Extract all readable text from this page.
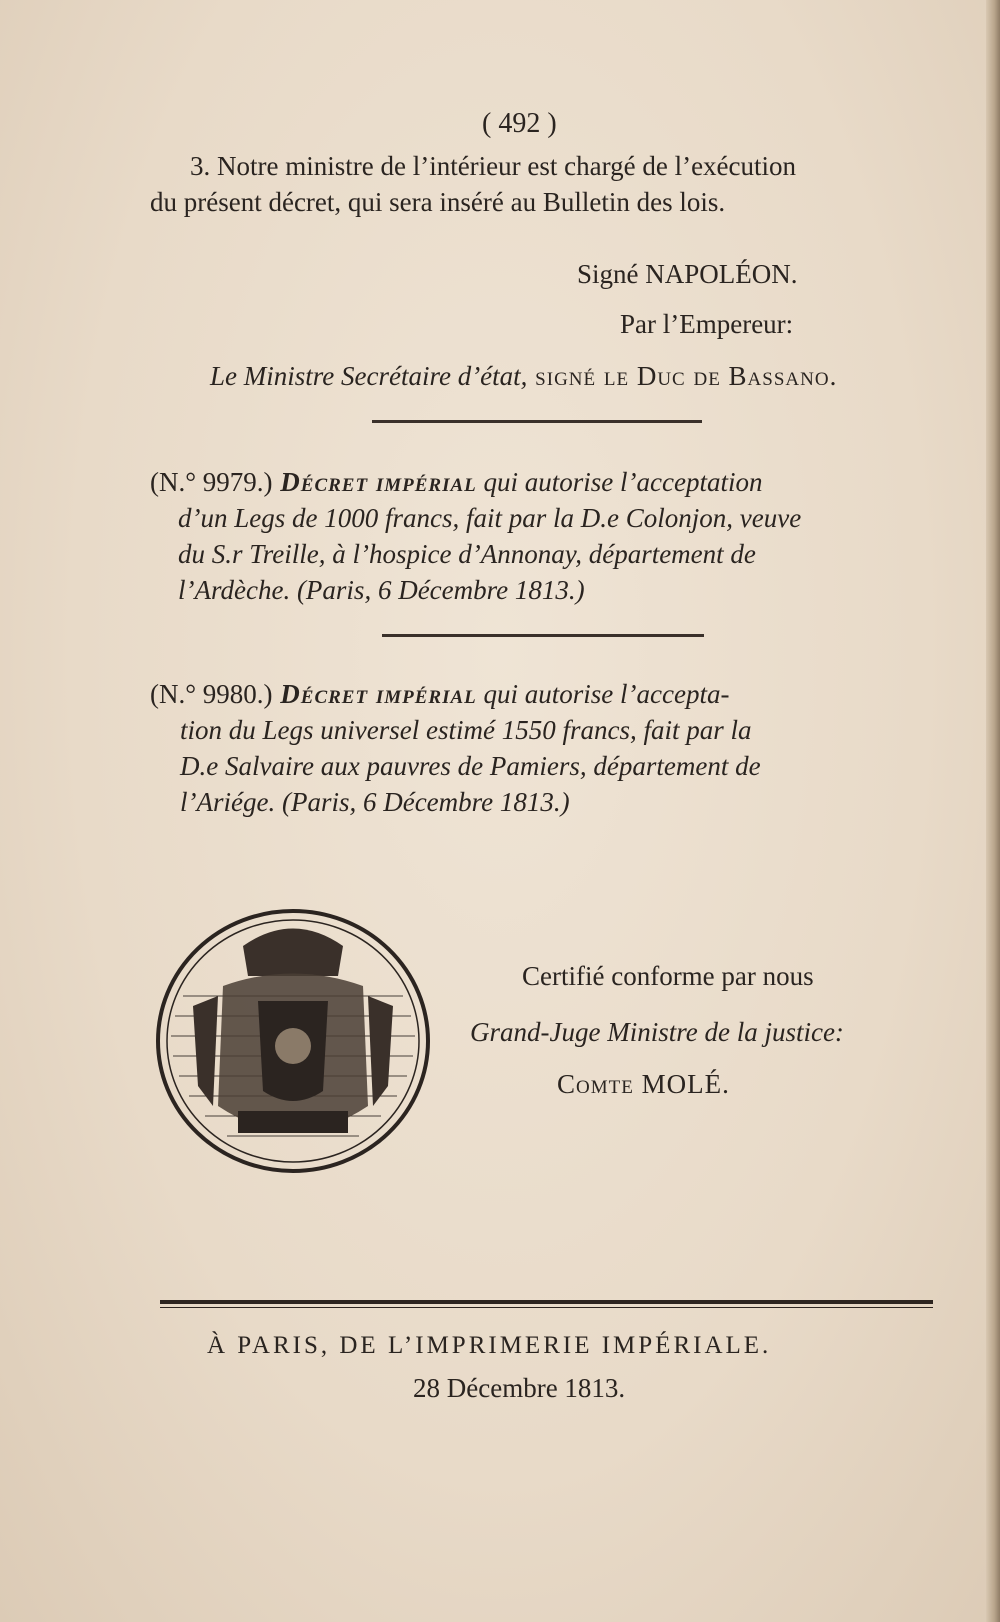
( 492 )
3. Notre ministre de l’intérieur est chargé de l’exécution
du présent décret, qui sera inséré au Bulletin des lois.
Signé NAPOLÉON.
Par l’Empereur:
Le Ministre Secrétaire d’état, signé le Duc de Bassano.
(N.° 9979.) Décret impérial qui autorise l’acceptation
d’un Legs de 1000 francs, fait par la D.e Colonjon, veuve
du S.r Treille, à l’hospice d’Annonay, département de
l’Ardèche. (Paris, 6 Décembre 1813.)
(N.° 9980.) Décret impérial qui autorise l’accepta-
tion du Legs universel estimé 1550 francs, fait par la
D.e Salvaire aux pauvres de Pamiers, département de
l’Ariége. (Paris, 6 Décembre 1813.)
Certifié conforme par nous
Grand-Juge Ministre de la justice:
Comte MOLÉ.
À PARIS, DE L’IMPRIMERIE IMPÉRIALE.
28 Décembre 1813.
